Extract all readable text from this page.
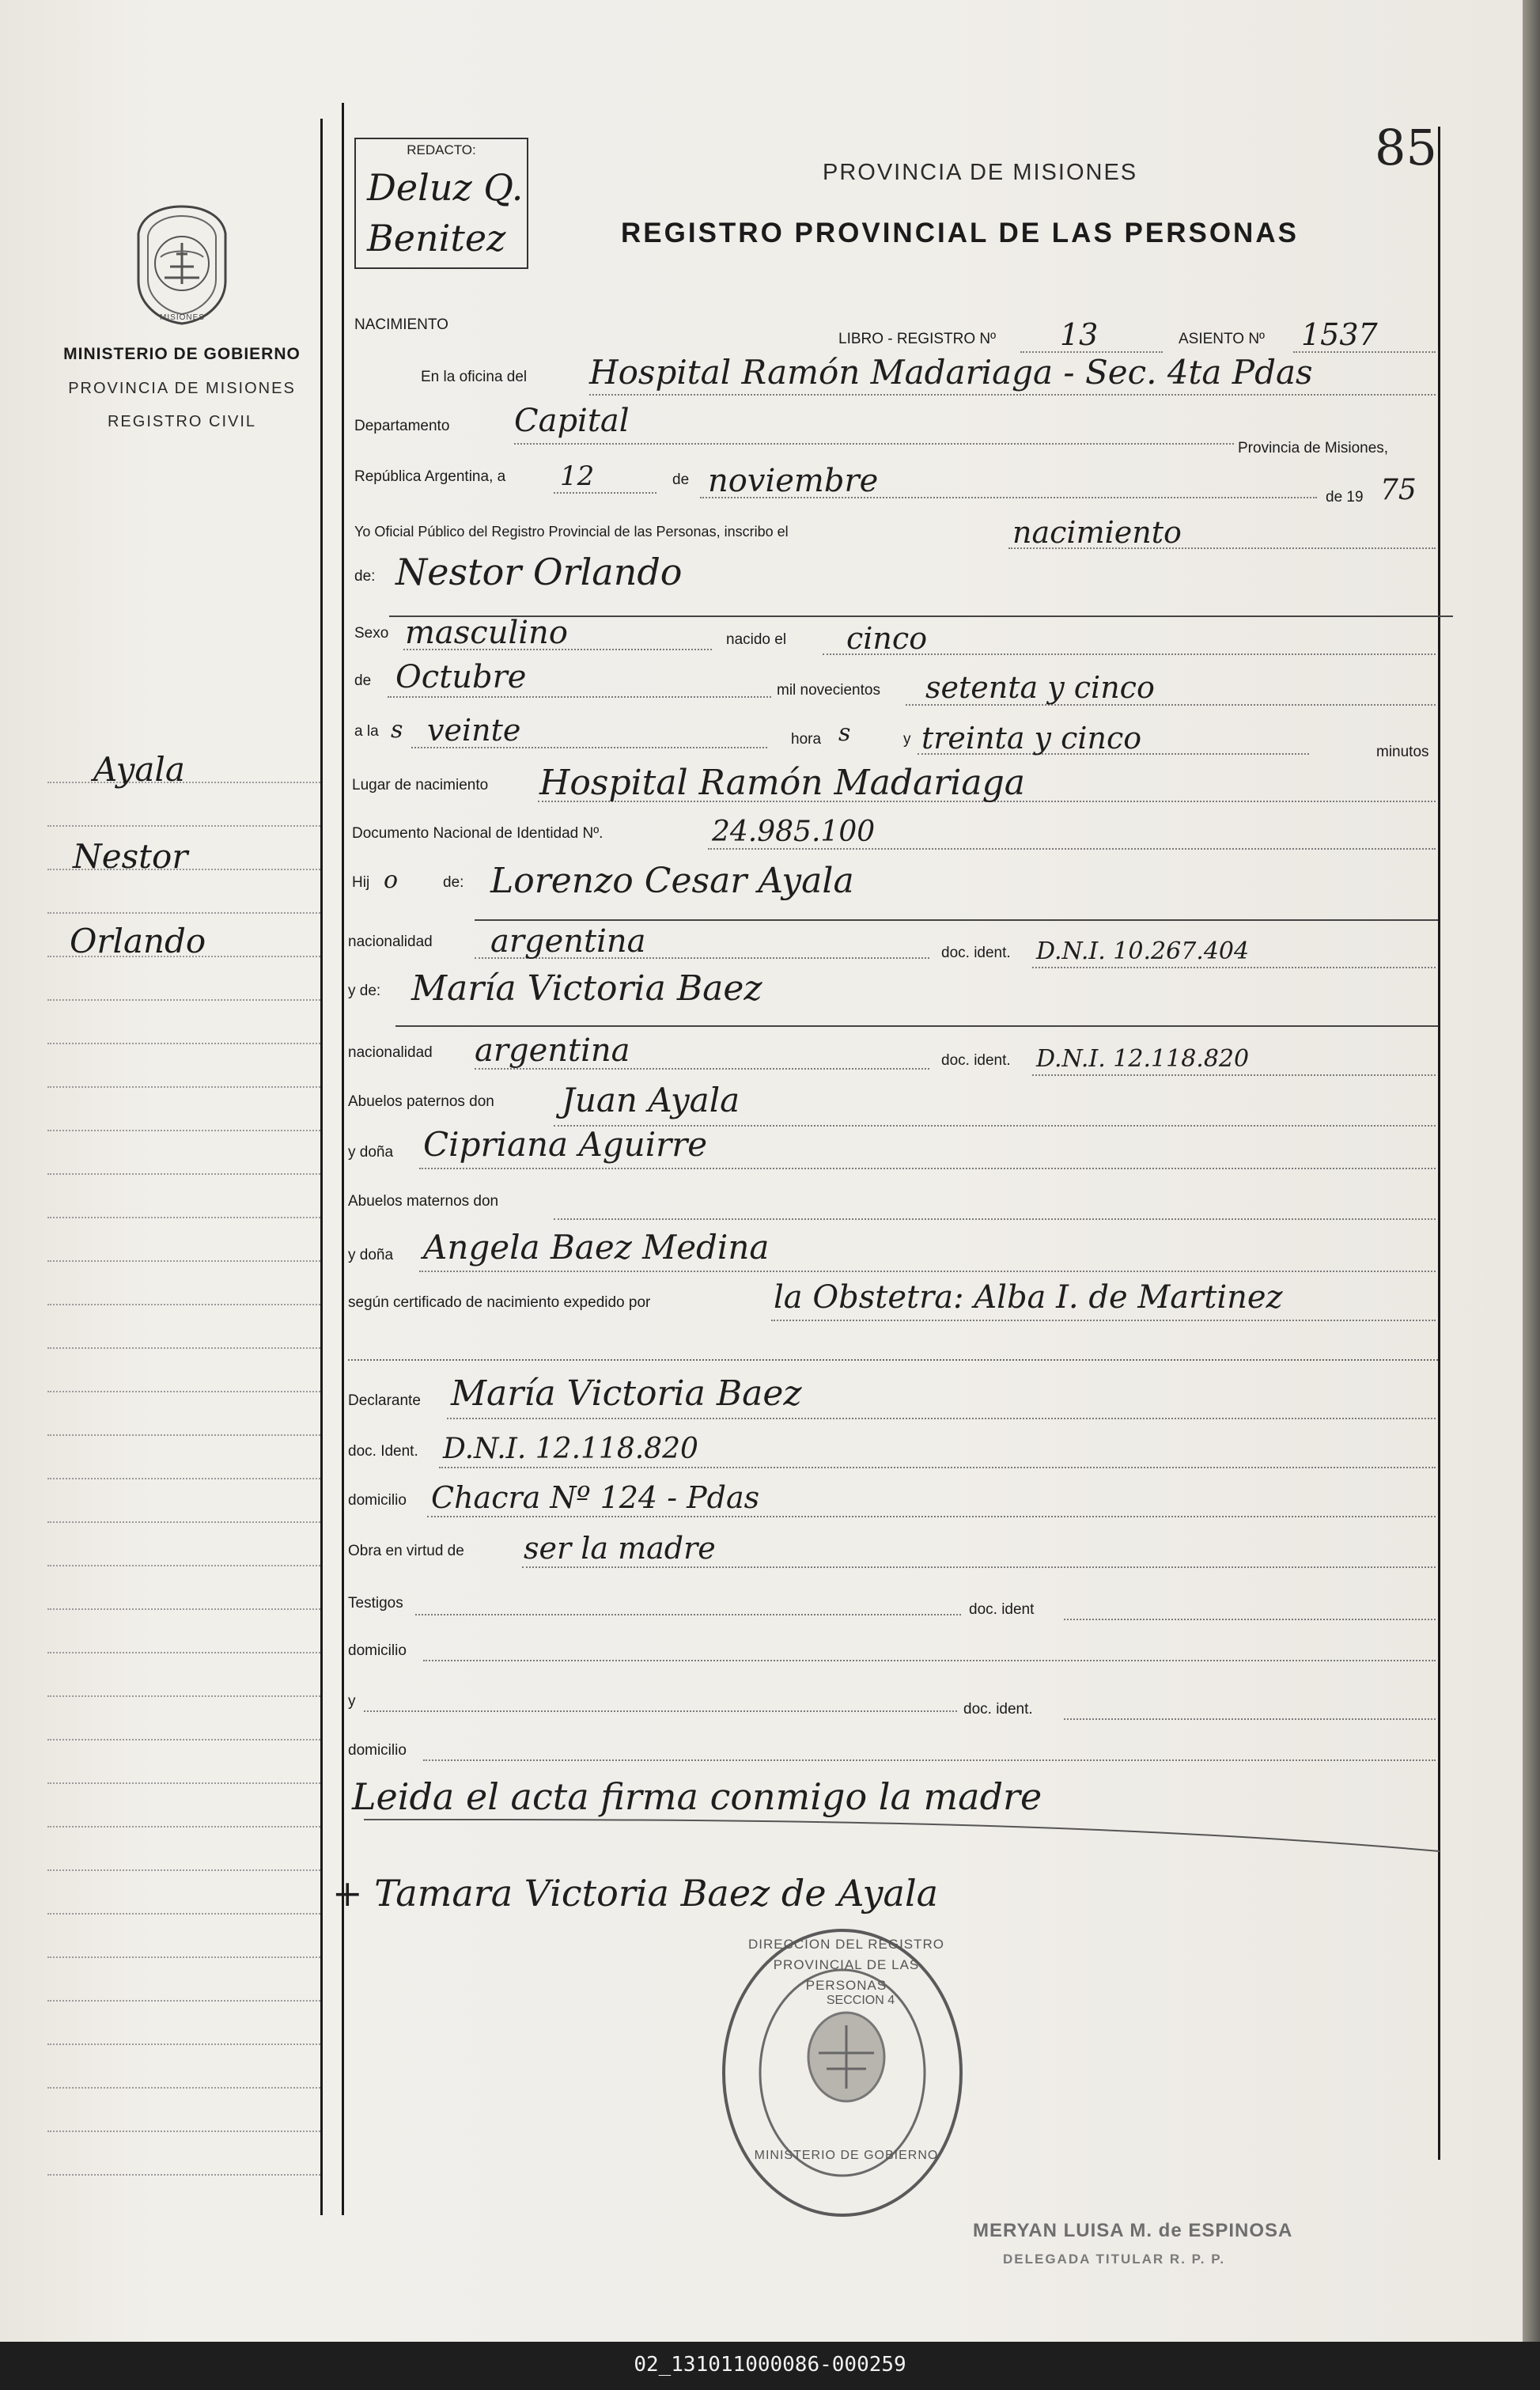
MISIONES
MINISTERIO DE GOBIERNO
PROVINCIA DE MISIONES
REGISTRO CIVIL
Ayala
Nestor
Orlando
REDACTO:
Deluz Q.
Benitez
85
PROVINCIA DE MISIONES
REGISTRO PROVINCIAL DE LAS PERSONAS
NACIMIENTO
LIBRO - REGISTRO Nº 13	ASIENTO Nº 1537
En la oficina del Hospital Ramón Madariaga - Sec. 4ta Pdas
Departamento Capital
Provincia de Misiones,
República Argentina, a 12	de noviembre	de 19 75
Yo Oficial Público del Registro Provincial de las Personas, inscribo el	nacimiento
de: Nestor Orlando
Sexo masculino	nacido el cinco
de Octubre	mil novecientos setenta y cinco
a la s veinte	hora s	y treinta y cinco	minutos
Lugar de nacimiento Hospital Ramón Madariaga
Documento Nacional de Identidad Nº.	24.985.100
Hij o	de: Lorenzo Cesar Ayala
nacionalidad argentina	doc. ident. D.N.I. 10.267.404
y de: María Victoria Baez
nacionalidad argentina	doc. ident. D.N.I. 12.118.820
Abuelos paternos don Juan Ayala
y doña Cipriana Aguirre
Abuelos maternos don
y doña Angela Baez Medina
según certificado de nacimiento expedido por	la Obstetra: Alba I. de Martinez
Declarante María Victoria Baez
doc. Ident. D.N.I. 12.118.820
domicilio Chacra Nº 124 - Pdas
Obra en virtud de ser la madre
Testigos	doc. ident
domicilio
y	doc. ident.
domicilio
Leida el acta firma conmigo la madre
+ Tamara Victoria Baez de Ayala
DIRECCION DEL REGISTRO PROVINCIAL DE LAS PERSONAS
SECCION 4
MINISTERIO DE GOBIERNO
MERYAN LUISA M. de ESPINOSA
DELEGADA TITULAR R. P. P.
02_131011000086-000259
